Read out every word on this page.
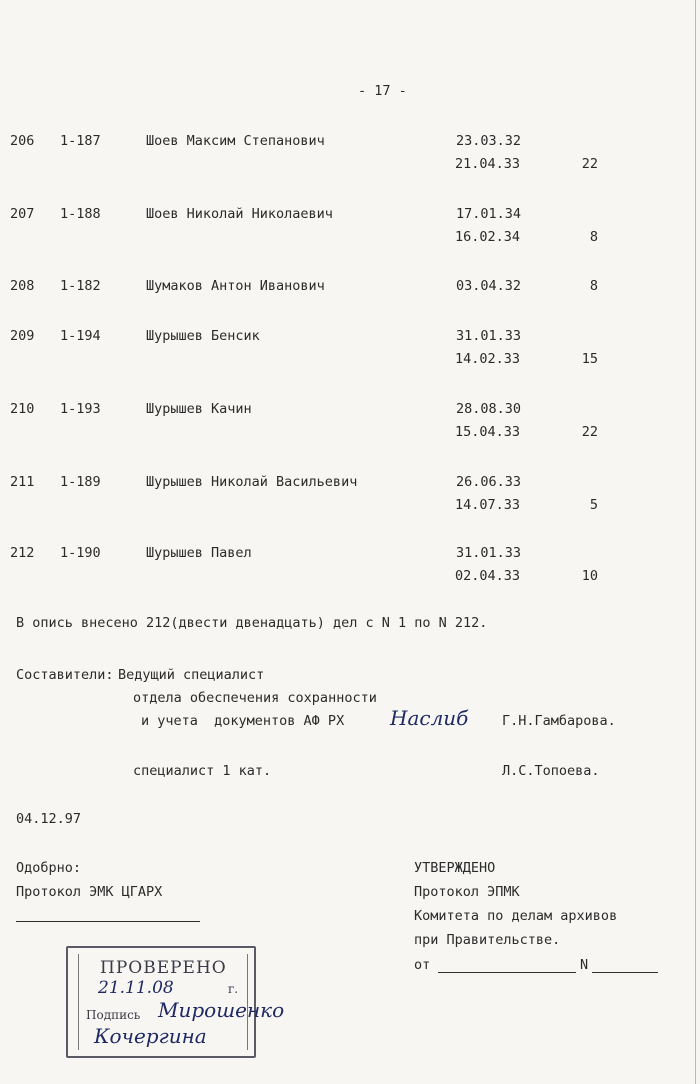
- 17 -
206 1-187	Шоев Максим Степанович	23.03.32
21.04.33	22
207 1-188	Шоев Николай Николаевич	17.01.34
16.02.34	8
208 1-182	Шумаков Антон Иванович	03.04.32	8
209 1-194	Шурышев Бенсик	31.01.33
14.02.33	15
210 1-193	Шурышев Качин	28.08.30
15.04.33	22
211 1-189	Шурышев Николай Васильевич	26.06.33
14.07.33	5
212 1-190	Шурышев Павел	31.01.33
02.04.33	10
В опись внесено 212(двести двенадцать) дел с N 1 по N 212.
Составители: Ведущий специалист
отдела обеспечения сохранности
и учета  документов АФ РХ Наслиб Г.Н.Гамбарова.
специалист 1 кат.	Л.С.Топоева.
04.12.97
Одобрно:
Протокол ЭМК ЦГАРХ
УТВЕРЖДЕНО
Протокол ЭПМК
Комитета по делам архивов
при Правительстве.
от	N
ПРОВЕРЕНО
21.11.08	г.
Подпись Мирошенко
Кочергина
